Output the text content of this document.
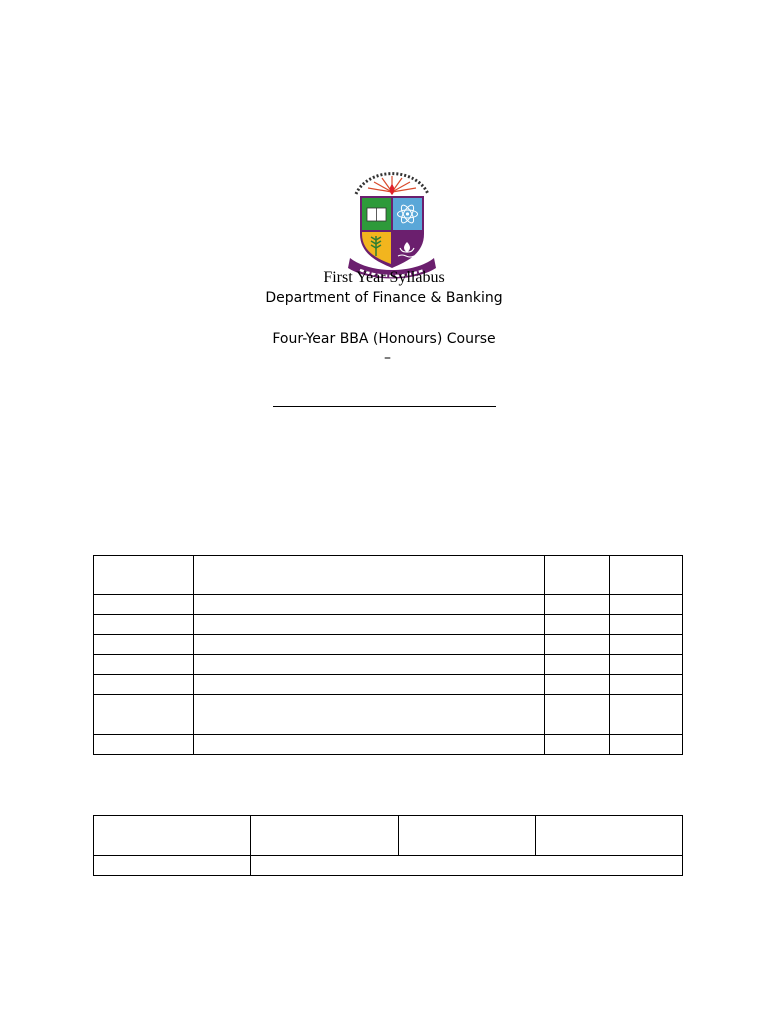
First Year Syllabus
Department of Finance & Banking
Four-Year BBA (Honours) Course
–
